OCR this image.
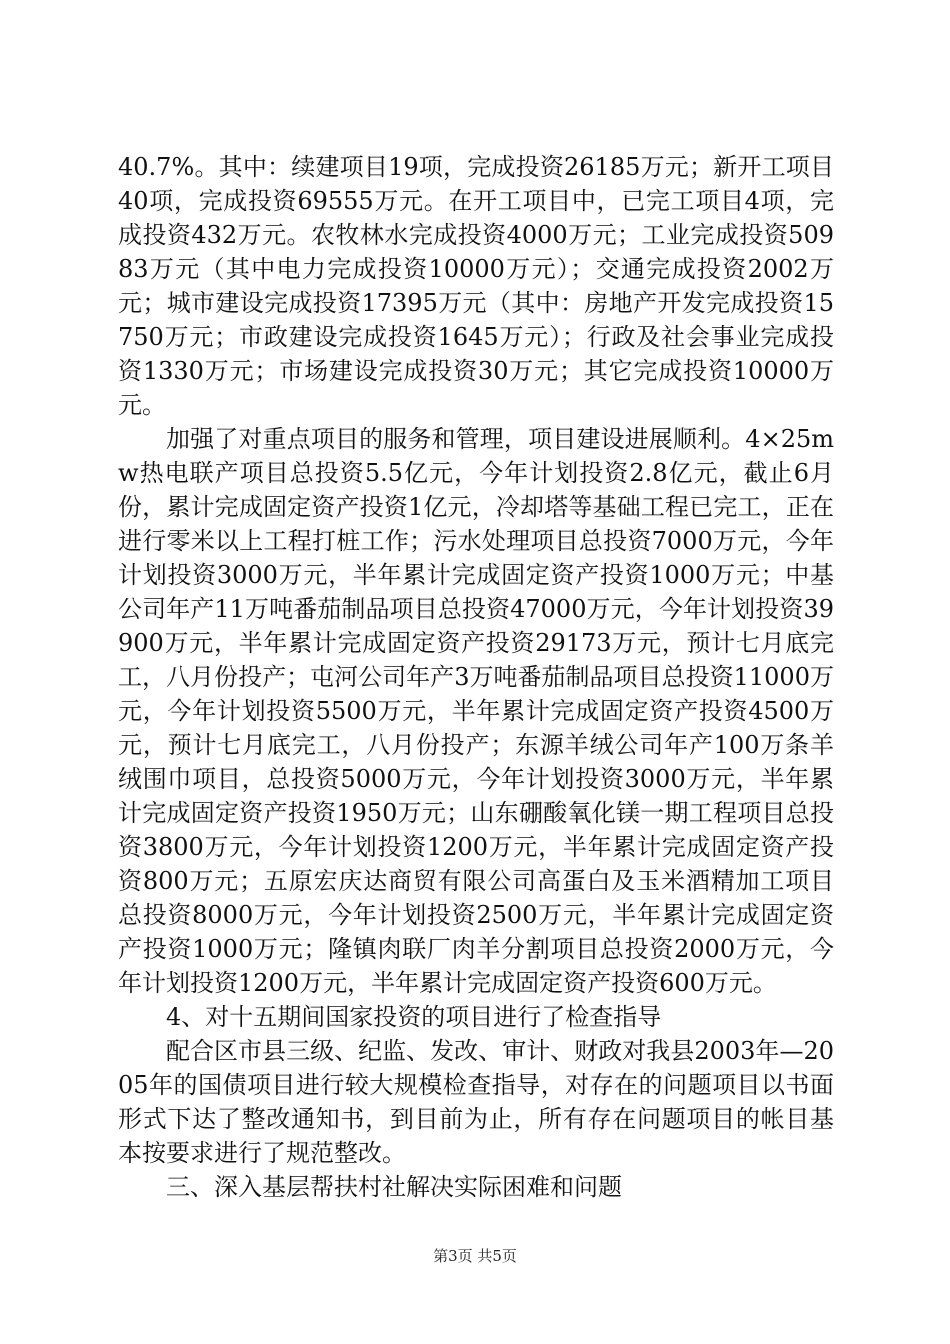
40.7%。其中：续建项目19项，完成投资26185万元；新开工项目40项，完成投资69555万元。在开工项目中，已完工项目4项，完成投资432万元。农牧林水完成投资4000万元；工业完成投资50983万元（其中电力完成投资10000万元）；交通完成投资2002万元；城市建设完成投资17395万元（其中：房地产开发完成投资15750万元；市政建设完成投资1645万元）；行政及社会事业完成投资1330万元；市场建设完成投资30万元；其它完成投资10000万元。

加强了对重点项目的服务和管理，项目建设进展顺利。4×25mw热电联产项目总投资5.5亿元，今年计划投资2.8亿元，截止6月份，累计完成固定资产投资1亿元，冷却塔等基础工程已完工，正在进行零米以上工程打桩工作；污水处理项目总投资7000万元，今年计划投资3000万元，半年累计完成固定资产投资1000万元；中基公司年产11万吨番茄制品项目总投资47000万元，今年计划投资39900万元，半年累计完成固定资产投资29173万元，预计七月底完工，八月份投产；屯河公司年产3万吨番茄制品项目总投资11000万元，今年计划投资5500万元，半年累计完成固定资产投资4500万元，预计七月底完工，八月份投产；东源羊绒公司年产100万条羊绒围巾项目，总投资5000万元，今年计划投资3000万元，半年累计完成固定资产投资1950万元；山东硼酸氧化镁一期工程项目总投资3800万元，今年计划投资1200万元，半年累计完成固定资产投资800万元；五原宏庆达商贸有限公司高蛋白及玉米酒精加工项目总投资8000万元，今年计划投资2500万元，半年累计完成固定资产投资1000万元；隆镇肉联厂肉羊分割项目总投资2000万元，今年计划投资1200万元，半年累计完成固定资产投资600万元。

4、对十五期间国家投资的项目进行了检查指导

配合区市县三级、纪监、发改、审计、财政对我县2003年—2005年的国债项目进行较大规模检查指导，对存在的问题项目以书面形式下达了整改通知书，到目前为止，所有存在问题项目的帐目基本按要求进行了规范整改。

三、深入基层帮扶村社解决实际困难和问题

第3页 共5页
